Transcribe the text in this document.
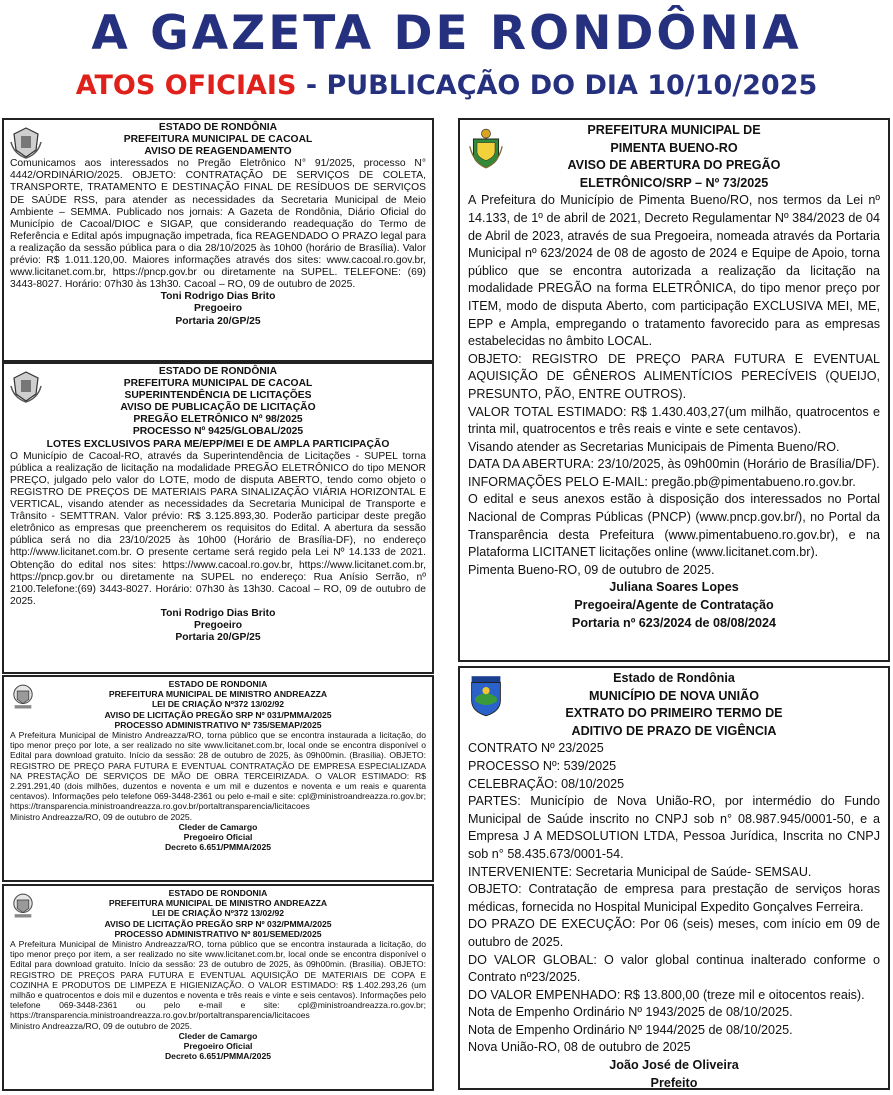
A GAZETA DE RONDÔNIA
ATOS OFICIAIS - PUBLICAÇÃO DO DIA 10/10/2025
ESTADO DE RONDÔNIA
PREFEITURA MUNICIPAL DE CACOAL
AVISO DE REAGENDAMENTO
Comunicamos aos interessados no Pregão Eletrônico N° 91/2025, processo N° 4442/ORDINÁRIO/2025. OBJETO: CONTRATAÇÃO DE SERVIÇOS DE COLETA, TRANSPORTE, TRATAMENTO E DESTINAÇÃO FINAL DE RESÍDUOS DE SERVIÇOS DE SAÚDE RSS, para atender as necessidades da Secretaria Municipal de Meio Ambiente – SEMMA. Publicado nos jornais: A Gazeta de Rondônia, Diário Oficial do Município de Cacoal/DIOC e SIGAP, que considerando readequação do Termo de Referência e Edital após impugnação impetrada, fica REAGENDADO O PRAZO legal para a realização da sessão pública para o dia 28/10/2025 às 10h00 (horário de Brasília). Valor prévio: R$ 1.011.120,00. Maiores informações através dos sites: www.cacoal.ro.gov.br, www.licitanet.com.br, https://pncp.gov.br ou diretamente na SUPEL. TELEFONE: (69) 3443-8027. Horário: 07h30 às 13h30. Cacoal – RO, 09 de outubro de 2025.
Toni Rodrigo Dias Brito
Pregoeiro
Portaria 20/GP/25
ESTADO DE RONDÔNIA
PREFEITURA MUNICIPAL DE CACOAL
SUPERINTENDÊNCIA DE LICITAÇÕES
AVISO DE PUBLICAÇÃO DE LICITAÇÃO
PREGÃO ELETRÔNICO Nº 98/2025
PROCESSO Nº 9425/GLOBAL/2025
LOTES EXCLUSIVOS PARA ME/EPP/MEI E DE AMPLA PARTICIPAÇÃO
O Município de Cacoal-RO, através da Superintendência de Licitações - SUPEL torna pública a realização de licitação na modalidade PREGÃO ELETRÔNICO do tipo MENOR PREÇO, julgado pelo valor do LOTE, modo de disputa ABERTO, tendo como objeto o REGISTRO DE PREÇOS DE MATERIAIS PARA SINALIZAÇÃO VIÁRIA HORIZONTAL E VERTICAL, visando atender as necessidades da Secretaria Municipal de Transporte e Trânsito - SEMTTRAN. Valor prévio: R$ 3.125.893,30. Poderão participar deste pregão eletrônico as empresas que preencherem os requisitos do Edital. A abertura da sessão pública será no dia 23/10/2025 às 10h00 (Horário de Brasília-DF), no endereço http://www.licitanet.com.br. O presente certame será regido pela Lei Nº 14.133 de 2021. Obtenção do edital nos sites: https://www.cacoal.ro.gov.br, https://www.licitanet.com.br, https://pncp.gov.br ou diretamente na SUPEL no endereço: Rua Anísio Serrão, nº 2100.Telefone:(69) 3443-8027. Horário: 07h30 às 13h30. Cacoal – RO, 09 de outubro de 2025.
Toni Rodrigo Dias Brito
Pregoeiro
Portaria 20/GP/25
ESTADO DE RONDONIA
PREFEITURA MUNICIPAL DE MINISTRO ANDREAZZA
LEI DE CRIAÇÃO Nº372 13/02/92
AVISO DE LICITAÇÃO PREGÃO SRP Nº 031/PMMA/2025
PROCESSO ADMINISTRATIVO Nº 735/SEMAP/2025
A Prefeitura Municipal de Ministro Andreazza/RO, torna público que se encontra instaurada a licitação, do tipo menor preço por lote, a ser realizado no site www.licitanet.com.br, local onde se encontra disponível o Edital para download gratuito. Início da sessão: 28 de outubro de 2025, às 09h00min. (Brasília). OBJETO: REGISTRO DE PREÇO PARA FUTURA E EVENTUAL CONTRATAÇÃO DE EMPRESA ESPECIALIZADA NA PRESTAÇÃO DE SERVIÇOS DE MÃO DE OBRA TERCEIRIZADA. O VALOR ESTIMADO: R$ 2.291.291,40 (dois milhões, duzentos e noventa e um mil e duzentos e noventa e um reais e quarenta centavos). Informações pelo telefone 069-3448-2361 ou pelo e-mail e site: cpl@ministroandreazza.ro.gov.br; https://transparencia.ministroandreazza.ro.gov.br/portaltransparencia/licitacoes
Ministro Andreazza/RO, 09 de outubro de 2025.
Cleder de Camargo
Pregoeiro Oficial
Decreto 6.651/PMMA/2025
ESTADO DE RONDONIA
PREFEITURA MUNICIPAL DE MINISTRO ANDREAZZA
LEI DE CRIAÇÃO Nº372 13/02/92
AVISO DE LICITAÇÃO PREGÃO SRP Nº 032/PMMA/2025
PROCESSO ADMINISTRATIVO Nº 801/SEMED/2025
A Prefeitura Municipal de Ministro Andreazza/RO, torna público que se encontra instaurada a licitação, do tipo menor preço por item, a ser realizado no site www.licitanet.com.br, local onde se encontra disponível o Edital para download gratuito. Início da sessão: 23 de outubro de 2025, às 09h00min. (Brasília). OBJETO: REGISTRO DE PREÇOS PARA FUTURA E EVENTUAL AQUISIÇÃO DE MATERIAIS DE COPA E COZINHA E PRODUTOS DE LIMPEZA E HIGIENIZAÇÃO. O VALOR ESTIMADO: R$ 1.402.293,26 (um milhão e quatrocentos e dois mil e duzentos e noventa e três reais e vinte e seis centavos). Informações pelo telefone 069-3448-2361 ou pelo e-mail e site: cpl@ministroandreazza.ro.gov.br; https://transparencia.ministroandreazza.ro.gov.br/portaltransparencia/licitacoes
Ministro Andreazza/RO, 09 de outubro de 2025.
Cleder de Camargo
Pregoeiro Oficial
Decreto 6.651/PMMA/2025
PREFEITURA MUNICIPAL DE
PIMENTA BUENO-RO
AVISO DE ABERTURA DO PREGÃO
ELETRÔNICO/SRP – Nº 73/2025
A Prefeitura do Município de Pimenta Bueno/RO, nos termos da Lei nº 14.133, de 1º de abril de 2021, Decreto Regulamentar Nº 384/2023 de 04 de Abril de 2023, através de sua Pregoeira, nomeada através da Portaria Municipal nº 623/2024 de 08 de agosto de 2024 e Equipe de Apoio, torna público que se encontra autorizada a realização da licitação na modalidade PREGÃO na forma ELETRÔNICA, do tipo menor preço por ITEM, modo de disputa Aberto, com participação EXCLUSIVA MEI, ME, EPP e Ampla, empregando o tratamento favorecido para as empresas estabelecidas no âmbito LOCAL.
OBJETO: REGISTRO DE PREÇO PARA FUTURA E EVENTUAL AQUISIÇÃO DE GÊNEROS ALIMENTÍCIOS PERECÍVEIS (QUEIJO, PRESUNTO, PÃO, ENTRE OUTROS).
VALOR TOTAL ESTIMADO: R$ 1.430.403,27(um milhão, quatrocentos e trinta mil, quatrocentos e três reais e vinte e sete centavos).
Visando atender as Secretarias Municipais de Pimenta Bueno/RO.
DATA DA ABERTURA: 23/10/2025, às 09h00min (Horário de Brasília/DF).
INFORMAÇÕES PELO E-MAIL: pregão.pb@pimentabueno.ro.gov.br.
O edital e seus anexos estão à disposição dos interessados no Portal Nacional de Compras Públicas (PNCP) (www.pncp.gov.br/), no Portal da Transparência desta Prefeitura (www.pimentabueno.ro.gov.br), e na Plataforma LICITANET licitações online (www.licitanet.com.br).
Pimenta Bueno-RO, 09 de outubro de 2025.
Juliana Soares Lopes
Pregoeira/Agente de Contratação
Portaria nº 623/2024 de 08/08/2024
Estado de Rondônia
MUNICÍPIO DE NOVA UNIÃO
EXTRATO DO PRIMEIRO TERMO DE
ADITIVO DE PRAZO DE VIGÊNCIA
CONTRATO Nº 23/2025
PROCESSO Nº: 539/2025
CELEBRAÇÃO: 08/10/2025
PARTES: Município de Nova União-RO, por intermédio do Fundo Municipal de Saúde inscrito no CNPJ sob n° 08.987.945/0001-50, e a Empresa J A MEDSOLUTION LTDA, Pessoa Jurídica, Inscrita no CNPJ sob n° 58.435.673/0001-54.
INTERVENIENTE: Secretaria Municipal de Saúde- SEMSAU.
OBJETO: Contratação de empresa para prestação de serviços horas médicas, fornecida no Hospital Municipal Expedito Gonçalves Ferreira.
DO PRAZO DE EXECUÇÃO: Por 06 (seis) meses, com início em 09 de outubro de 2025.
DO VALOR GLOBAL: O valor global continua inalterado conforme o Contrato nº23/2025.
DO VALOR EMPENHADO: R$ 13.800,00 (treze mil e oitocentos reais).
Nota de Empenho Ordinário Nº 1943/2025 de 08/10/2025.
Nota de Empenho Ordinário Nº 1944/2025 de 08/10/2025.
Nova União-RO, 08 de outubro de 2025
João José de Oliveira
Prefeito
